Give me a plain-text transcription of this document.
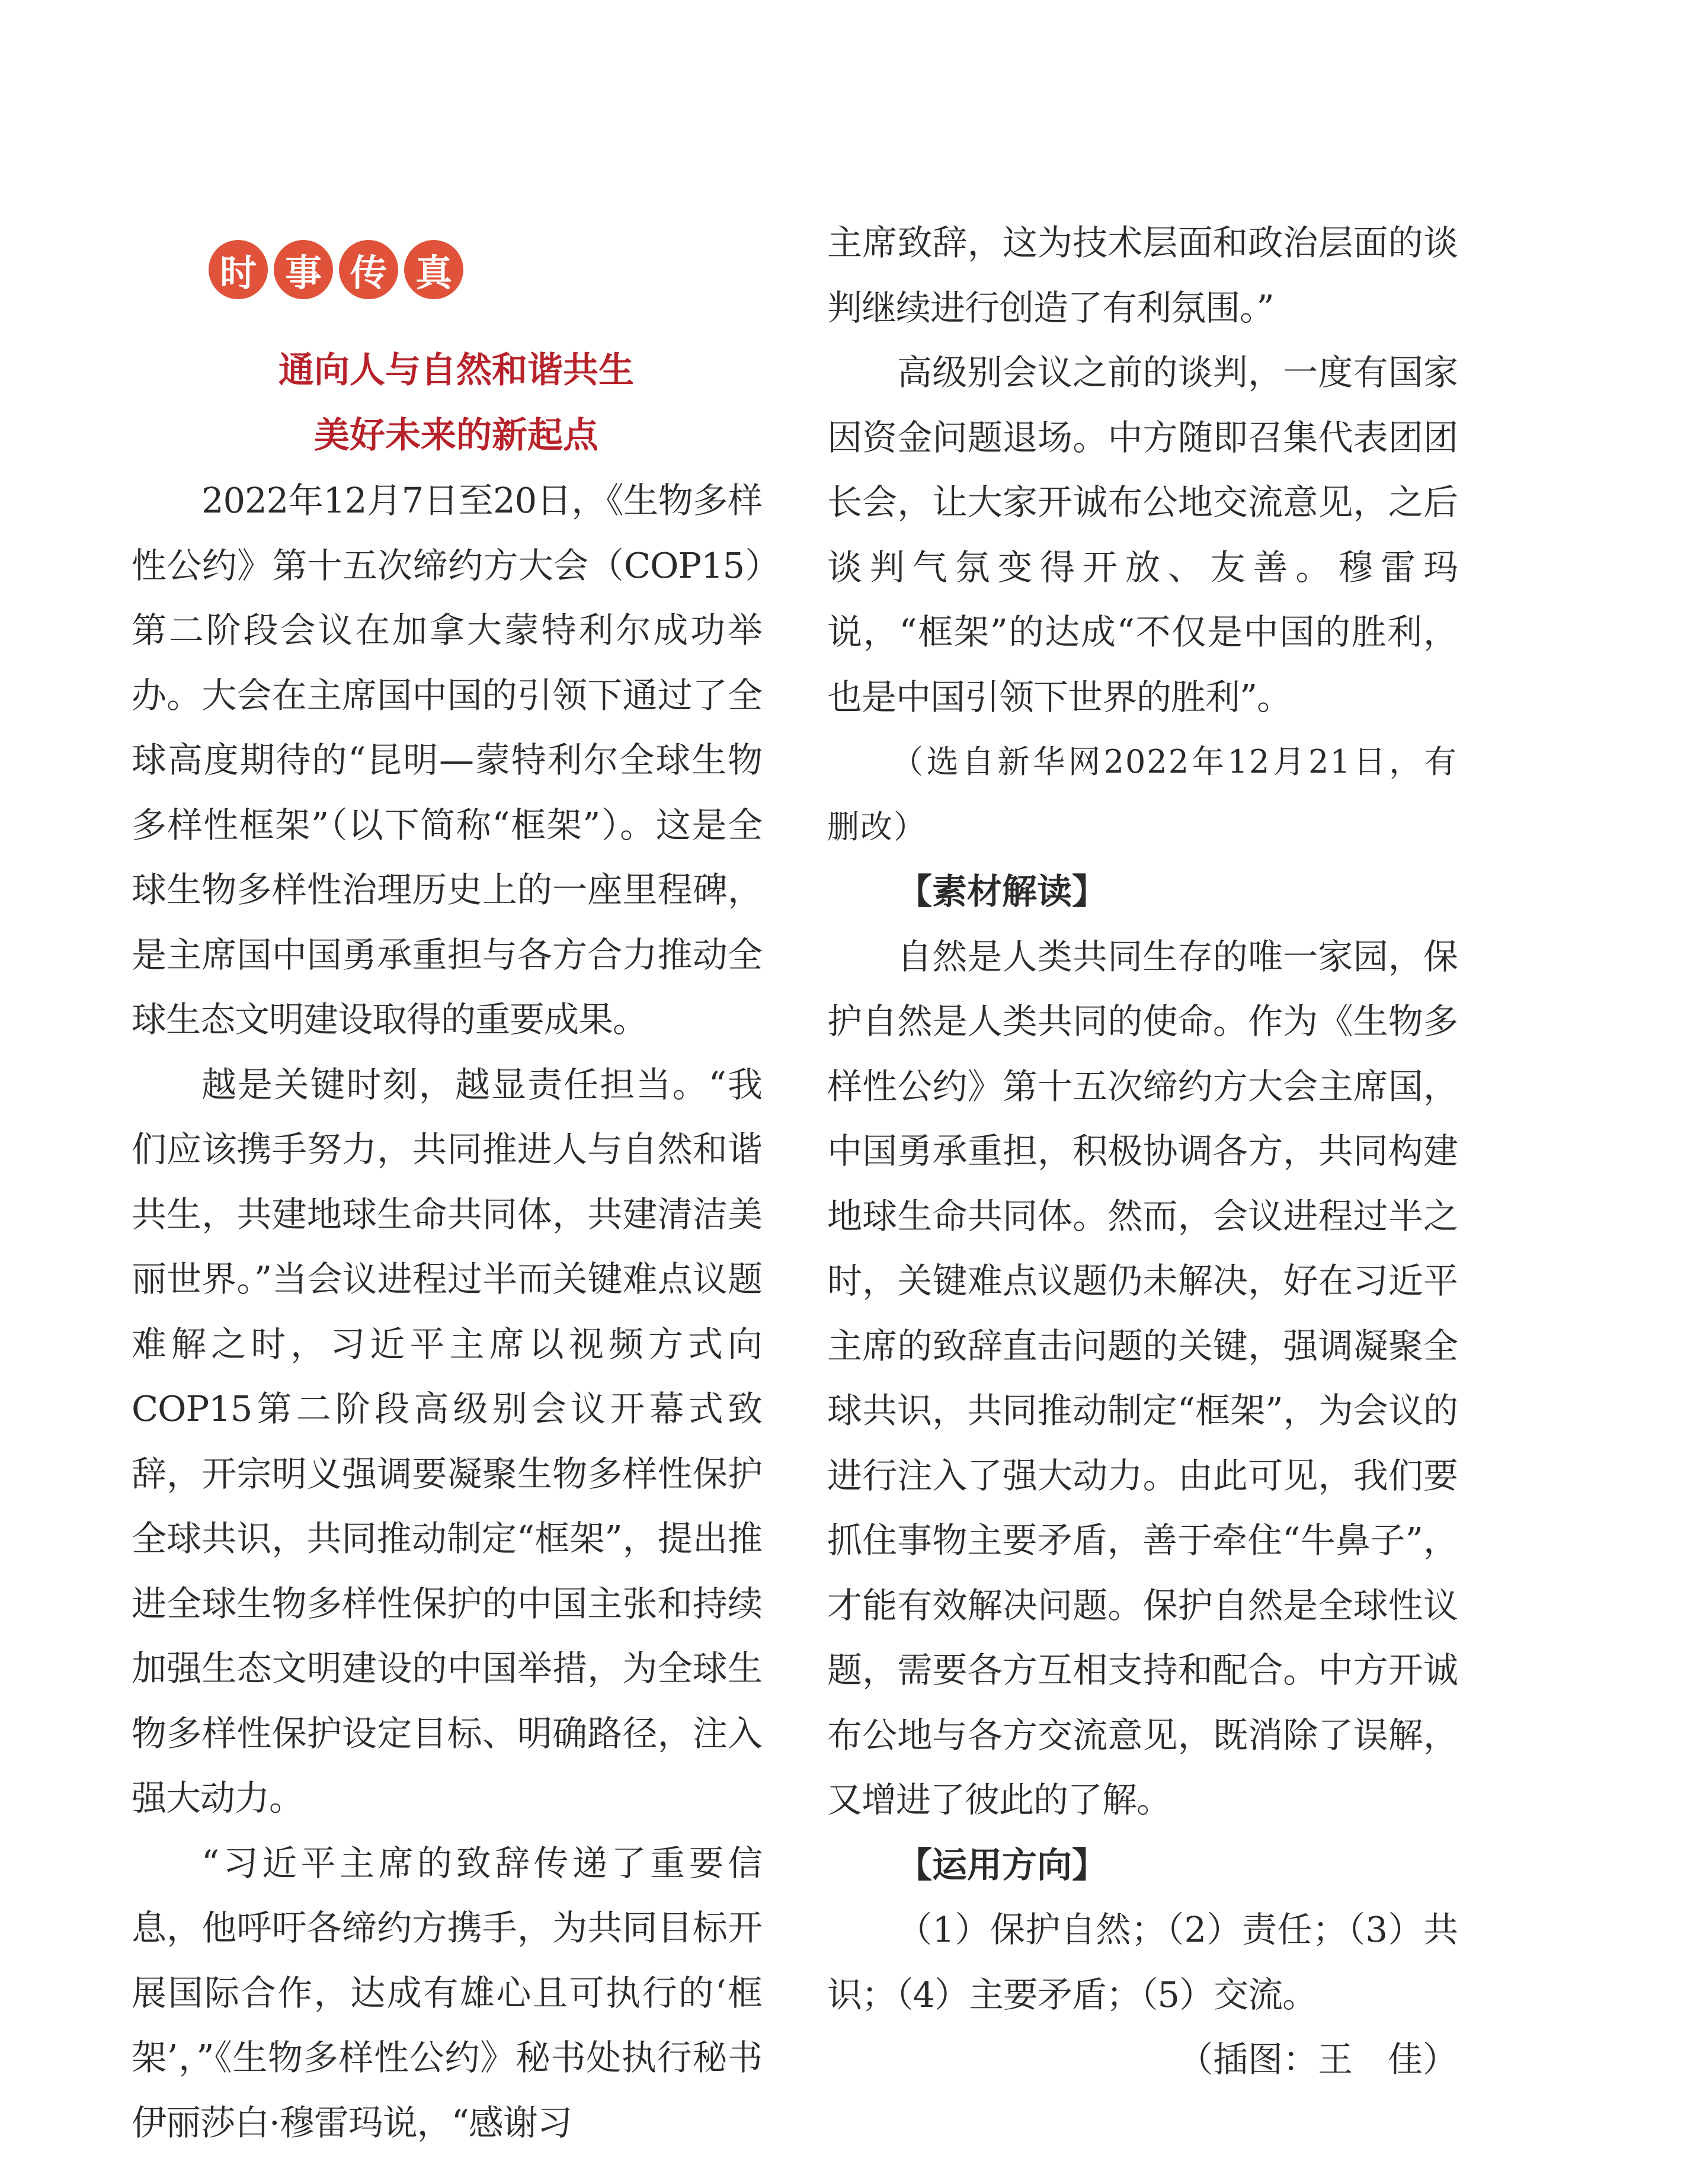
时 事 传 真
通向人与自然和谐共生
美好未来的新起点

2022年12月7日至20日，《生物多样性公约》第十五次缔约方大会（COP15）第二阶段会议在加拿大蒙特利尔成功举办。大会在主席国中国的引领下通过了全球高度期待的“昆明—蒙特利尔全球生物多样性框架”（以下简称“框架”）。这是全球生物多样性治理历史上的一座里程碑，是主席国中国勇承重担与各方合力推动全球生态文明建设取得的重要成果。

越是关键时刻，越显责任担当。“我们应该携手努力，共同推进人与自然和谐共生，共建地球生命共同体，共建清洁美丽世界。”当会议进程过半而关键难点议题难解之时，习近平主席以视频方式向COP15第二阶段高级别会议开幕式致辞，开宗明义强调要凝聚生物多样性保护全球共识，共同推动制定“框架”，提出推进全球生物多样性保护的中国主张和持续加强生态文明建设的中国举措，为全球生物多样性保护设定目标、明确路径，注入强大动力。

“习近平主席的致辞传递了重要信息，他呼吁各缔约方携手，为共同目标开展国际合作，达成有雄心且可执行的‘框架’，”《生物多样性公约》秘书处执行秘书伊丽莎白·穆雷玛说，“感谢习

主席致辞，这为技术层面和政治层面的谈判继续进行创造了有利氛围。”

高级别会议之前的谈判，一度有国家因资金问题退场。中方随即召集代表团团长会，让大家开诚布公地交流意见，之后谈判气氛变得开放、友善。穆雷玛说，“框架”的达成“不仅是中国的胜利，也是中国引领下世界的胜利”。

（选自新华网2022年12月21日，有删改）

【素材解读】

自然是人类共同生存的唯一家园，保护自然是人类共同的使命。作为《生物多样性公约》第十五次缔约方大会主席国，中国勇承重担，积极协调各方，共同构建地球生命共同体。然而，会议进程过半之时，关键难点议题仍未解决，好在习近平主席的致辞直击问题的关键，强调凝聚全球共识，共同推动制定“框架”，为会议的进行注入了强大动力。由此可见，我们要抓住事物主要矛盾，善于牵住“牛鼻子”，才能有效解决问题。保护自然是全球性议题，需要各方互相支持和配合。中方开诚布公地与各方交流意见，既消除了误解，又增进了彼此的了解。

【运用方向】

（1）保护自然；（2）责任；（3）共识；（4）主要矛盾；（5）交流。

（插图：王　佳）
